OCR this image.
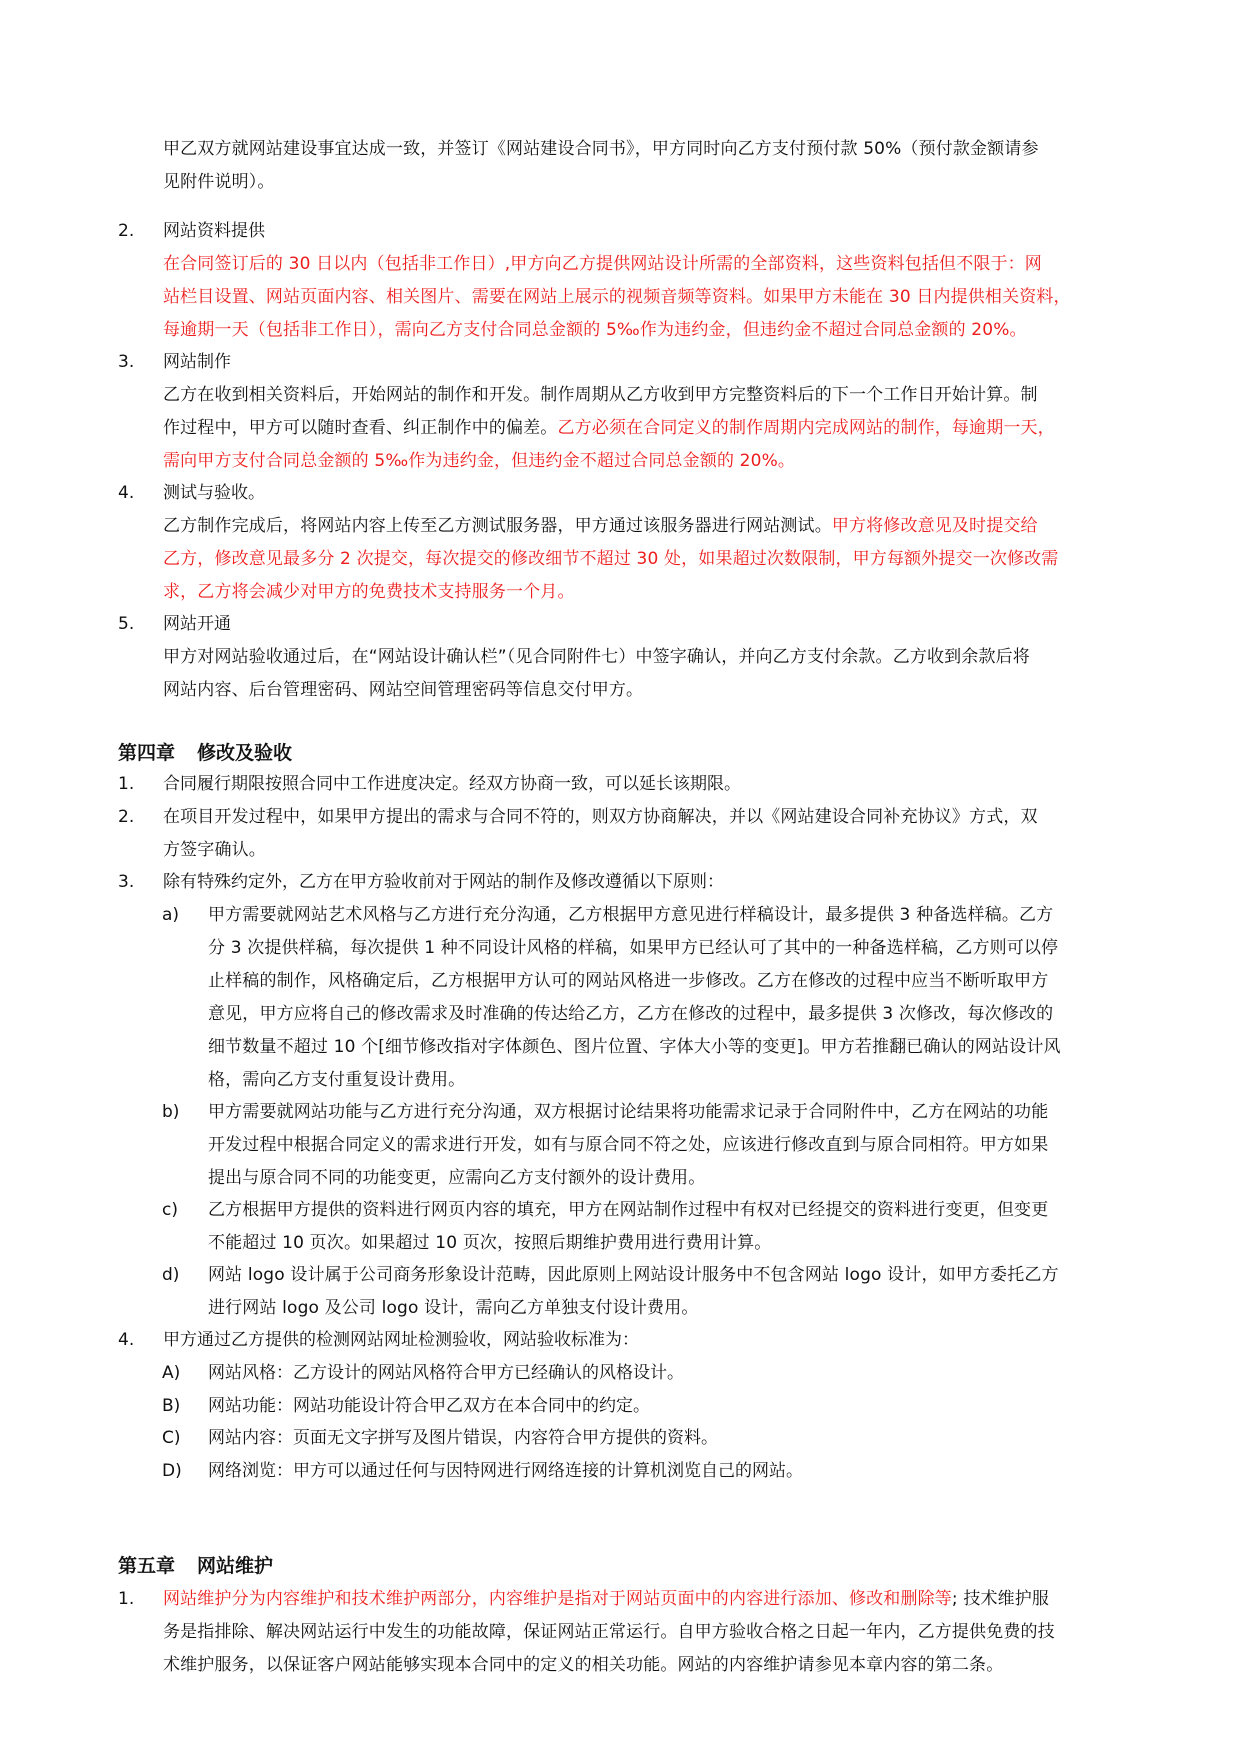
甲乙双方就网站建设事宜达成一致，并签订《网站建设合同书》，甲方同时向乙方支付预付款 50%（预付款金额请参
见附件说明）。
2. 网站资料提供
在合同签订后的 30 日以内（包括非工作日）,甲方向乙方提供网站设计所需的全部资料，这些资料包括但不限于：网
站栏目设置、网站页面内容、相关图片、需要在网站上展示的视频音频等资料。如果甲方未能在 30 日内提供相关资料，
每逾期一天（包括非工作日），需向乙方支付合同总金额的 5‰作为违约金，但违约金不超过合同总金额的 20%。
3. 网站制作
乙方在收到相关资料后，开始网站的制作和开发。制作周期从乙方收到甲方完整资料后的下一个工作日开始计算。制
作过程中，甲方可以随时查看、纠正制作中的偏差。乙方必须在合同定义的制作周期内完成网站的制作，每逾期一天，
需向甲方支付合同总金额的 5‰作为违约金，但违约金不超过合同总金额的 20%。
4. 测试与验收。
乙方制作完成后，将网站内容上传至乙方测试服务器，甲方通过该服务器进行网站测试。甲方将修改意见及时提交给
乙方，修改意见最多分 2 次提交，每次提交的修改细节不超过 30 处，如果超过次数限制，甲方每额外提交一次修改需
求，乙方将会减少对甲方的免费技术支持服务一个月。
5. 网站开通
甲方对网站验收通过后，在“网站设计确认栏”（见合同附件七）中签字确认，并向乙方支付余款。乙方收到余款后将
网站内容、后台管理密码、网站空间管理密码等信息交付甲方。
第四章 修改及验收
1. 合同履行期限按照合同中工作进度决定。经双方协商一致，可以延长该期限。
2. 在项目开发过程中，如果甲方提出的需求与合同不符的，则双方协商解决，并以《网站建设合同补充协议》方式，双
方签字确认。
3. 除有特殊约定外，乙方在甲方验收前对于网站的制作及修改遵循以下原则：
a) 甲方需要就网站艺术风格与乙方进行充分沟通，乙方根据甲方意见进行样稿设计，最多提供 3 种备选样稿。乙方
分 3 次提供样稿，每次提供 1 种不同设计风格的样稿，如果甲方已经认可了其中的一种备选样稿，乙方则可以停
止样稿的制作，风格确定后，乙方根据甲方认可的网站风格进一步修改。乙方在修改的过程中应当不断听取甲方
意见，甲方应将自己的修改需求及时准确的传达给乙方，乙方在修改的过程中，最多提供 3 次修改，每次修改的
细节数量不超过 10 个[细节修改指对字体颜色、图片位置、字体大小等的变更]。甲方若推翻已确认的网站设计风
格，需向乙方支付重复设计费用。
b) 甲方需要就网站功能与乙方进行充分沟通，双方根据讨论结果将功能需求记录于合同附件中，乙方在网站的功能
开发过程中根据合同定义的需求进行开发，如有与原合同不符之处，应该进行修改直到与原合同相符。甲方如果
提出与原合同不同的功能变更，应需向乙方支付额外的设计费用。
c) 乙方根据甲方提供的资料进行网页内容的填充，甲方在网站制作过程中有权对已经提交的资料进行变更，但变更
不能超过 10 页次。如果超过 10 页次，按照后期维护费用进行费用计算。
d) 网站 logo 设计属于公司商务形象设计范畴，因此原则上网站设计服务中不包含网站 logo 设计，如甲方委托乙方
进行网站 logo 及公司 logo 设计，需向乙方单独支付设计费用。
4. 甲方通过乙方提供的检测网站网址检测验收，网站验收标准为：
A) 网站风格：乙方设计的网站风格符合甲方已经确认的风格设计。
B) 网站功能：网站功能设计符合甲乙双方在本合同中的约定。
C) 网站内容：页面无文字拼写及图片错误，内容符合甲方提供的资料。
D) 网络浏览：甲方可以通过任何与因特网进行网络连接的计算机浏览自己的网站。
第五章 网站维护
1. 网站维护分为内容维护和技术维护两部分，内容维护是指对于网站页面中的内容进行添加、修改和删除等; 技术维护服
务是指排除、解决网站运行中发生的功能故障，保证网站正常运行。自甲方验收合格之日起一年内，乙方提供免费的技
术维护服务，以保证客户网站能够实现本合同中的定义的相关功能。网站的内容维护请参见本章内容的第二条。
